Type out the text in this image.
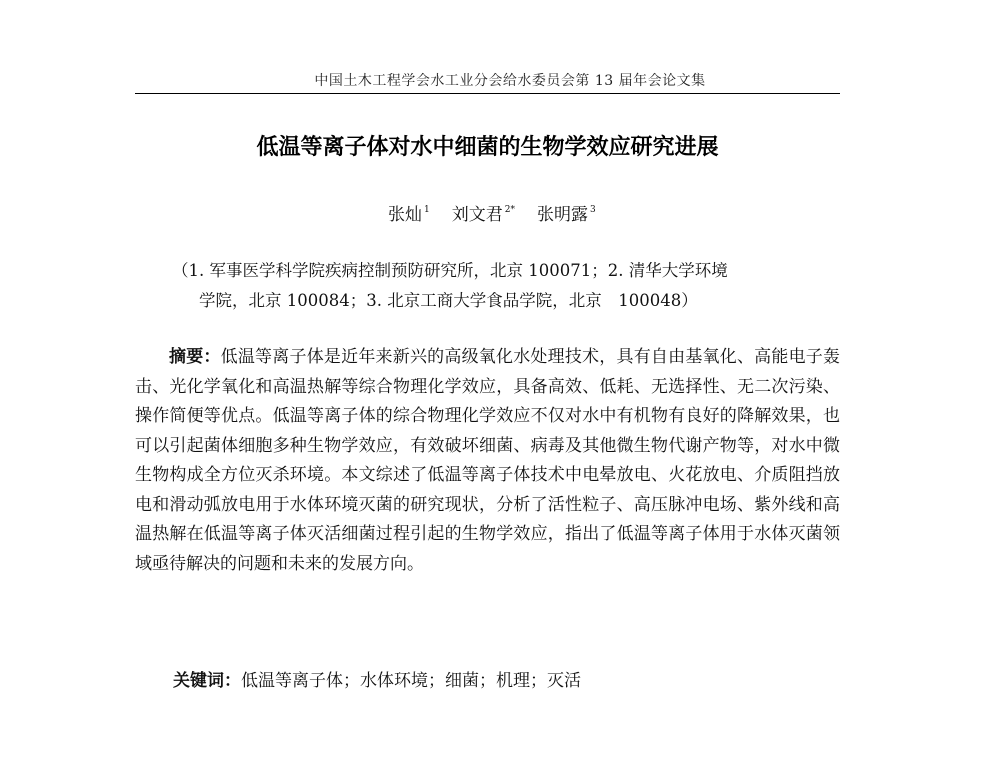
中国土木工程学会水工业分会给水委员会第 13 届年会论文集
低温等离子体对水中细菌的生物学效应研究进展
张灿 $^1$ 刘文君 $^{2*}$ 张明露 $^3$
（1. 军事医学科学院疾病控制预防研究所，北京 100071；2. 清华大学环境
学院，北京 100084；3. 北京工商大学食品学院，北京　100048）
摘要：低温等离子体是近年来新兴的高级氧化水处理技术，具有自由基氧化、高能电子轰击、光化学氧化和高温热解等综合物理化学效应，具备高效、低耗、无选择性、无二次污染、操作简便等优点。低温等离子体的综合物理化学效应不仅对水中有机物有良好的降解效果，也可以引起菌体细胞多种生物学效应，有效破坏细菌、病毒及其他微生物代谢产物等，对水中微生物构成全方位灭杀环境。本文综述了低温等离子体技术中电晕放电、火花放电、介质阻挡放电和滑动弧放电用于水体环境灭菌的研究现状，分析了活性粒子、高压脉冲电场、紫外线和高温热解在低温等离子体灭活细菌过程引起的生物学效应，指出了低温等离子体用于水体灭菌领域亟待解决的问题和未来的发展方向。
关键词：低温等离子体；水体环境；细菌；机理；灭活
